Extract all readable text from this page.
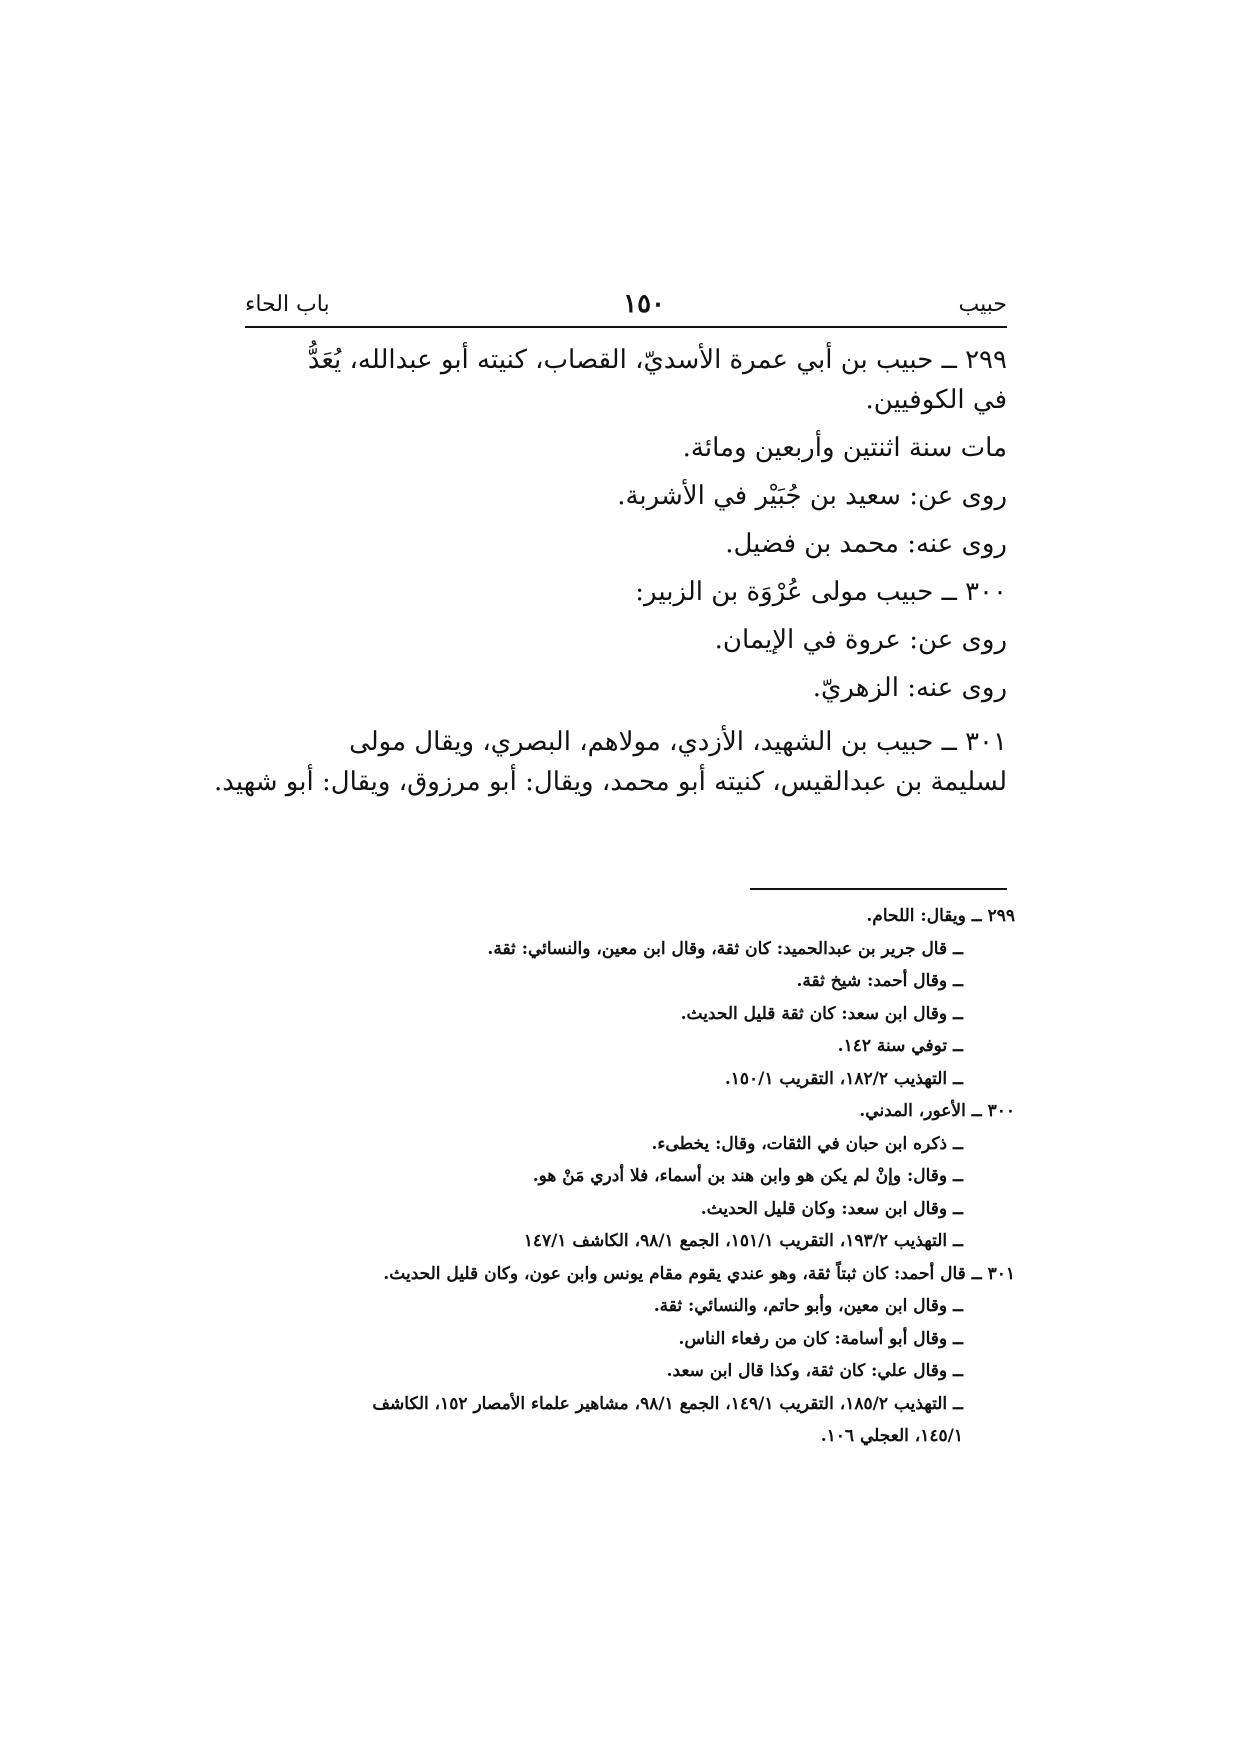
باب الحاء	١٥٠	حبيب
٢٩٩ ــ حبيب بن أبي عمرة الأسديّ، القصاب، كنيته أبو عبدالله، يُعَدُّ
في الكوفيين.
مات سنة اثنتين وأربعين ومائة.
روى عن: سعيد بن جُبَيْر في الأشربة.
روى عنه: محمد بن فضيل.
٣٠٠ ــ حبيب مولى عُرْوَة بن الزبير:
روى عن: عروة في الإيمان.
روى عنه: الزهريّ.
٣٠١ ــ حبيب بن الشهيد، الأزدي، مولاهم، البصري، ويقال مولى
لسليمة بن عبدالقيس، كنيته أبو محمد، ويقال: أبو مرزوق، ويقال: أبو شهيد.
٢٩٩ ــ ويقال: اللحام.
ــ قال جرير بن عبدالحميد: كان ثقة، وقال ابن معين، والنسائي: ثقة.
ــ وقال أحمد: شيخ ثقة.
ــ وقال ابن سعد: كان ثقة قليل الحديث.
ــ توفي سنة ١٤٢.
ــ التهذيب ١٨٢/٢، التقريب ١٥٠/١.
٣٠٠ ــ الأعور، المدني.
ــ ذكره ابن حبان في الثقات، وقال: يخطىء.
ــ وقال: وإنْ لم يكن هو وابن هند بن أسماء، فلا أدري مَنْ هو.
ــ وقال ابن سعد: وكان قليل الحديث.
ــ التهذيب ١٩٣/٢، التقريب ١٥١/١، الجمع ٩٨/١، الكاشف ١٤٧/١
٣٠١ ــ قال أحمد: كان ثبتاً ثقة، وهو عندي يقوم مقام يونس وابن عون، وكان قليل الحديث.
ــ وقال ابن معين، وأبو حاتم، والنسائي: ثقة.
ــ وقال أبو أسامة: كان من رفعاء الناس.
ــ وقال علي: كان ثقة، وكذا قال ابن سعد.
ــ التهذيب ١٨٥/٢، التقريب ١٤٩/١، الجمع ٩٨/١، مشاهير علماء الأمصار ١٥٢، الكاشف
١٤٥/١، العجلي ١٠٦.
